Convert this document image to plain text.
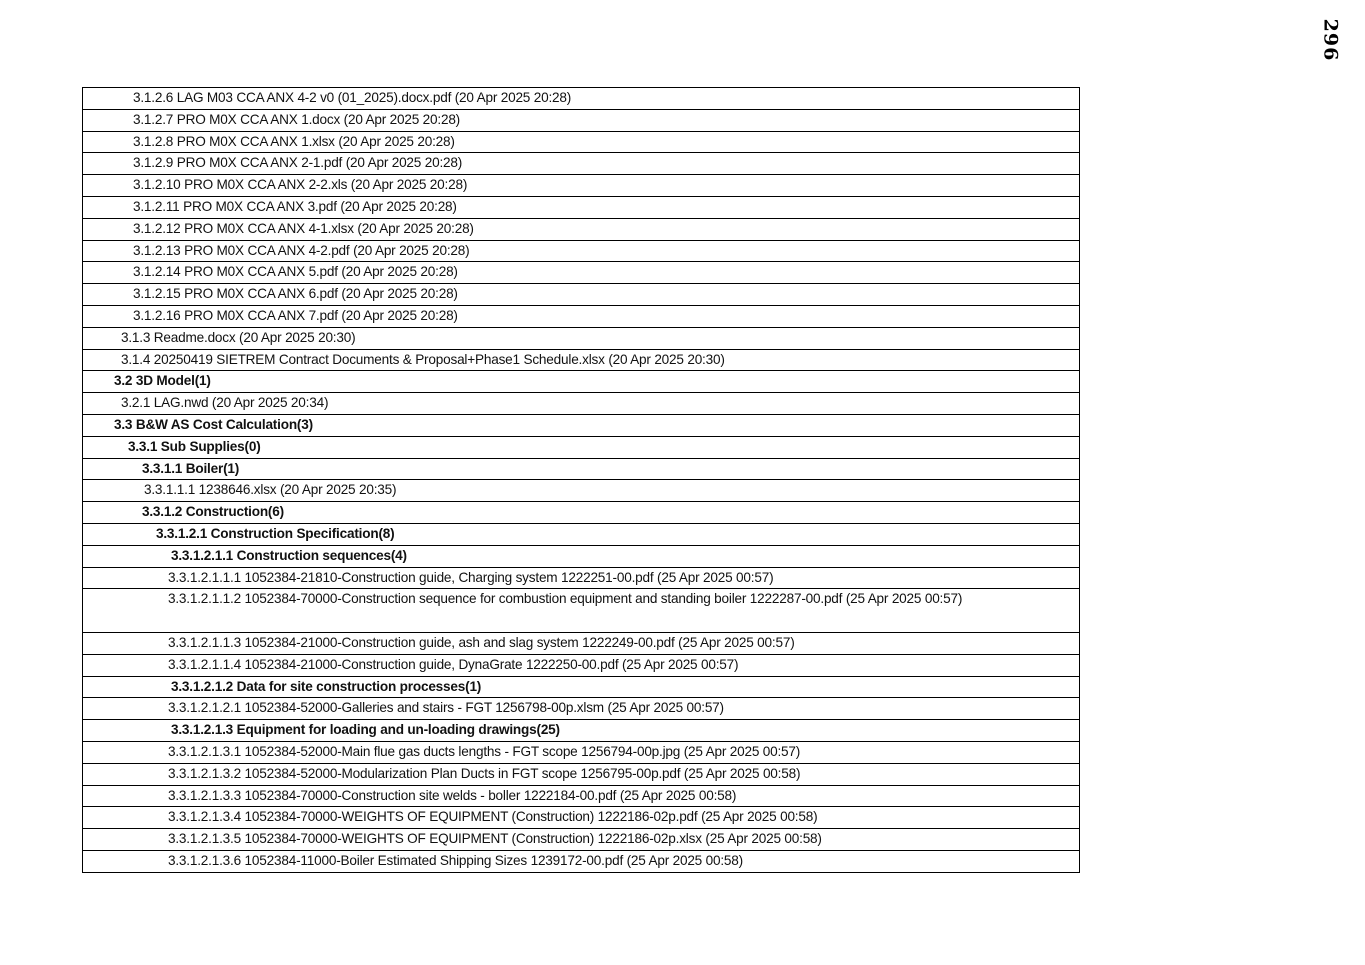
296
3.1.2.6 LAG M03 CCA ANX 4-2 v0 (01_2025).docx.pdf (20 Apr 2025 20:28)
3.1.2.7 PRO M0X CCA ANX 1.docx (20 Apr 2025 20:28)
3.1.2.8 PRO M0X CCA ANX 1.xlsx (20 Apr 2025 20:28)
3.1.2.9 PRO M0X CCA ANX 2-1.pdf (20 Apr 2025 20:28)
3.1.2.10 PRO M0X CCA ANX 2-2.xls (20 Apr 2025 20:28)
3.1.2.11 PRO M0X CCA ANX 3.pdf (20 Apr 2025 20:28)
3.1.2.12 PRO M0X CCA ANX 4-1.xlsx (20 Apr 2025 20:28)
3.1.2.13 PRO M0X CCA ANX 4-2.pdf (20 Apr 2025 20:28)
3.1.2.14 PRO M0X CCA ANX 5.pdf (20 Apr 2025 20:28)
3.1.2.15 PRO M0X CCA ANX 6.pdf (20 Apr 2025 20:28)
3.1.2.16 PRO M0X CCA ANX 7.pdf (20 Apr 2025 20:28)
3.1.3 Readme.docx (20 Apr 2025 20:30)
3.1.4 20250419 SIETREM Contract Documents & Proposal+Phase1 Schedule.xlsx (20 Apr 2025 20:30)
3.2 3D Model(1)
3.2.1 LAG.nwd (20 Apr 2025 20:34)
3.3 B&W AS Cost Calculation(3)
3.3.1 Sub Supplies(0)
3.3.1.1 Boiler(1)
3.3.1.1.1 1238646.xlsx (20 Apr 2025 20:35)
3.3.1.2 Construction(6)
3.3.1.2.1 Construction Specification(8)
3.3.1.2.1.1 Construction sequences(4)
3.3.1.2.1.1.1 1052384-21810-Construction guide, Charging system 1222251-00.pdf (25 Apr 2025 00:57)
3.3.1.2.1.1.2 1052384-70000-Construction sequence for combustion equipment and standing boiler 1222287-00.pdf (25 Apr 2025 00:57)
3.3.1.2.1.1.3 1052384-21000-Construction guide, ash and slag system 1222249-00.pdf (25 Apr 2025 00:57)
3.3.1.2.1.1.4 1052384-21000-Construction guide, DynaGrate 1222250-00.pdf (25 Apr 2025 00:57)
3.3.1.2.1.2 Data for site construction processes(1)
3.3.1.2.1.2.1 1052384-52000-Galleries and stairs - FGT 1256798-00p.xlsm (25 Apr 2025 00:57)
3.3.1.2.1.3 Equipment for loading and un-loading drawings(25)
3.3.1.2.1.3.1 1052384-52000-Main flue gas ducts lengths - FGT scope 1256794-00p.jpg (25 Apr 2025 00:57)
3.3.1.2.1.3.2 1052384-52000-Modularization Plan Ducts in FGT scope 1256795-00p.pdf (25 Apr 2025 00:58)
3.3.1.2.1.3.3 1052384-70000-Construction site welds - boller 1222184-00.pdf (25 Apr 2025 00:58)
3.3.1.2.1.3.4 1052384-70000-WEIGHTS OF EQUIPMENT (Construction) 1222186-02p.pdf (25 Apr 2025 00:58)
3.3.1.2.1.3.5 1052384-70000-WEIGHTS OF EQUIPMENT (Construction) 1222186-02p.xlsx (25 Apr 2025 00:58)
3.3.1.2.1.3.6 1052384-11000-Boiler Estimated Shipping Sizes 1239172-00.pdf (25 Apr 2025 00:58)
